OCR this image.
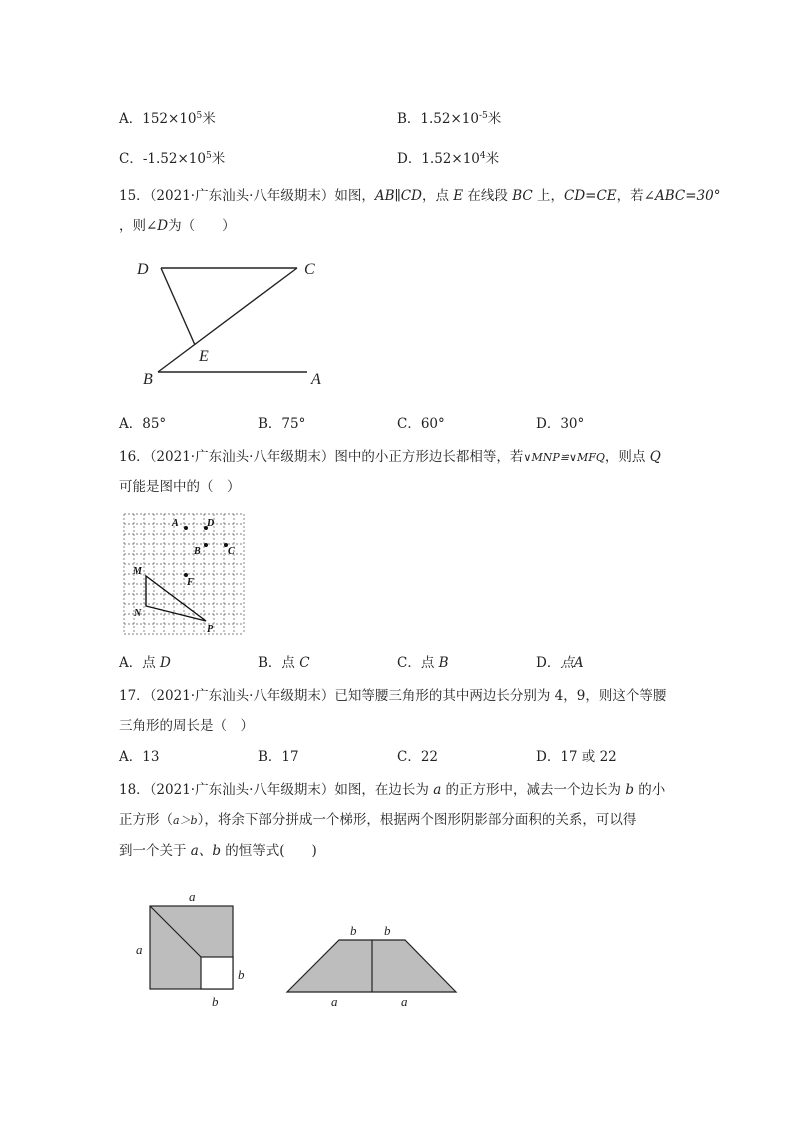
A．$152\times 10^5$米	B．$1.52\times 10^{-5}$米
C．$-1.52\times 10^5$米	D．$1.52\times 10^4$米
15．（2021·广东汕头·八年级期末）如图，AB∥CD，点 E 在线段 BC 上，CD=CE，若∠ABC=30°
，则∠D为（　　）
D	C
E
B	A
A．85°	B．75°	C．60°	D．30°
16．（2021·广东汕头·八年级期末）图中的小正方形边长都相等，若∨MNP≌∨MFQ，则点 Q
可能是图中的（　）
A	D
B	C
M
F
N
P
A．点 D	B．点 C	C．点 B	D．点A
17．（2021·广东汕头·八年级期末）已知等腰三角形的其中两边长分别为 4，9，则这个等腰
三角形的周长是（　）
A．13	B．17	C．22	D．17 或 22
18．（2021·广东汕头·八年级期末）如图，在边长为 a 的正方形中，减去一个边长为 b 的小
正方形（a＞b），将余下部分拼成一个梯形，根据两个图形阴影部分面积的关系，可以得
到一个关于 a、b 的恒等式(　　)
a
a
b
b
b b
a	a
